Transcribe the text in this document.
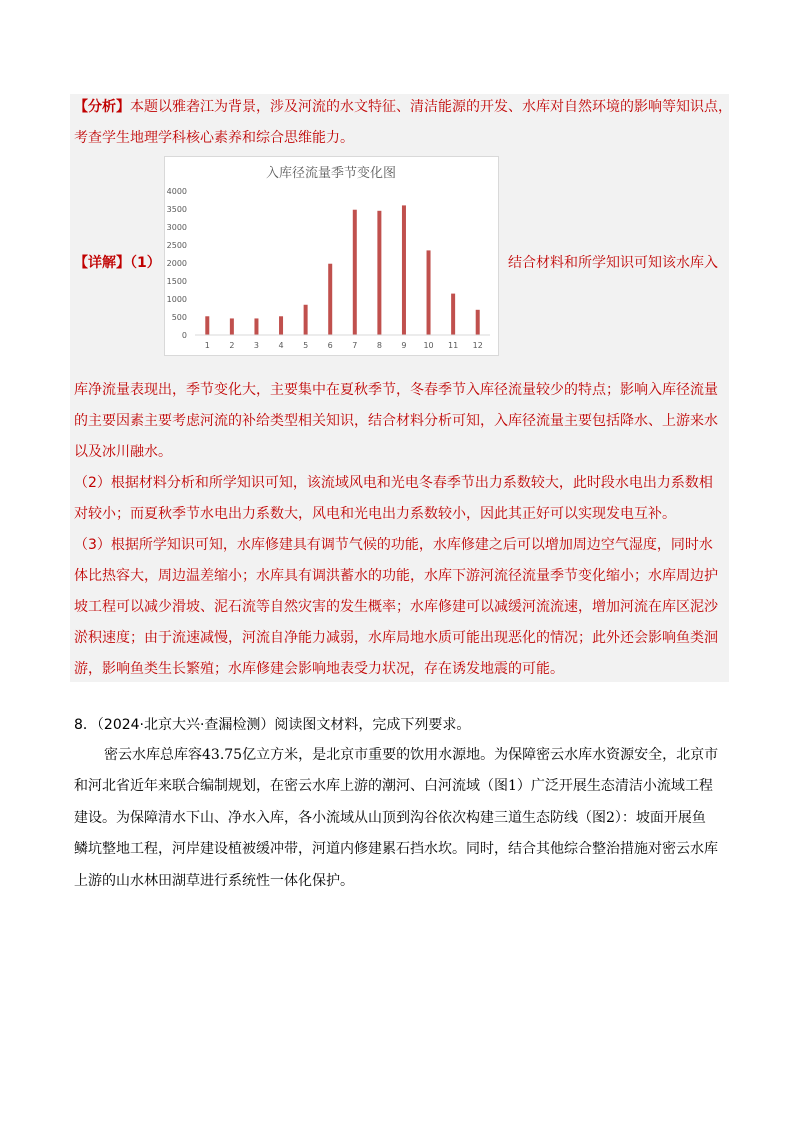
【分析】本题以雅砻江为背景，涉及河流的水文特征、清洁能源的开发、水库对自然环境的影响等知识点，
考查学生地理学科核心素养和综合思维能力。
【详解】（1）
入库径流量季节变化图
0
500
1000
1500
2000
2500
3000
3500
4000
1 2 3 4 5 6 7 8 9 10 11 12
结合材料和所学知识可知该水库入
库净流量表现出，季节变化大，主要集中在夏秋季节，冬春季节入库径流量较少的特点；影响入库径流量
的主要因素主要考虑河流的补给类型相关知识，结合材料分析可知，入库径流量主要包括降水、上游来水
以及冰川融水。
（2）根据材料分析和所学知识可知，该流域风电和光电冬春季节出力系数较大，此时段水电出力系数相
对较小；而夏秋季节水电出力系数大，风电和光电出力系数较小，因此其正好可以实现发电互补。
（3）根据所学知识可知，水库修建具有调节气候的功能，水库修建之后可以增加周边空气湿度，同时水
体比热容大，周边温差缩小；水库具有调洪蓄水的功能，水库下游河流径流量季节变化缩小；水库周边护
坡工程可以减少滑坡、泥石流等自然灾害的发生概率；水库修建可以减缓河流流速，增加河流在库区泥沙
淤积速度；由于流速减慢，河流自净能力减弱，水库局地水质可能出现恶化的情况；此外还会影响鱼类洄
游，影响鱼类生长繁殖；水库修建会影响地表受力状况，存在诱发地震的可能。
8．（2024·北京大兴·查漏检测）阅读图文材料，完成下列要求。
密云水库总库容43.75亿立方米，是北京市重要的饮用水源地。为保障密云水库水资源安全，北京市
和河北省近年来联合编制规划，在密云水库上游的潮河、白河流域（图1）广泛开展生态清洁小流域工程
建设。为保障清水下山、净水入库，各小流域从山顶到沟谷依次构建三道生态防线（图2）：坡面开展鱼
鳞坑整地工程，河岸建设植被缓冲带，河道内修建累石挡水坎。同时，结合其他综合整治措施对密云水库
上游的山水林田湖草进行系统性一体化保护。
